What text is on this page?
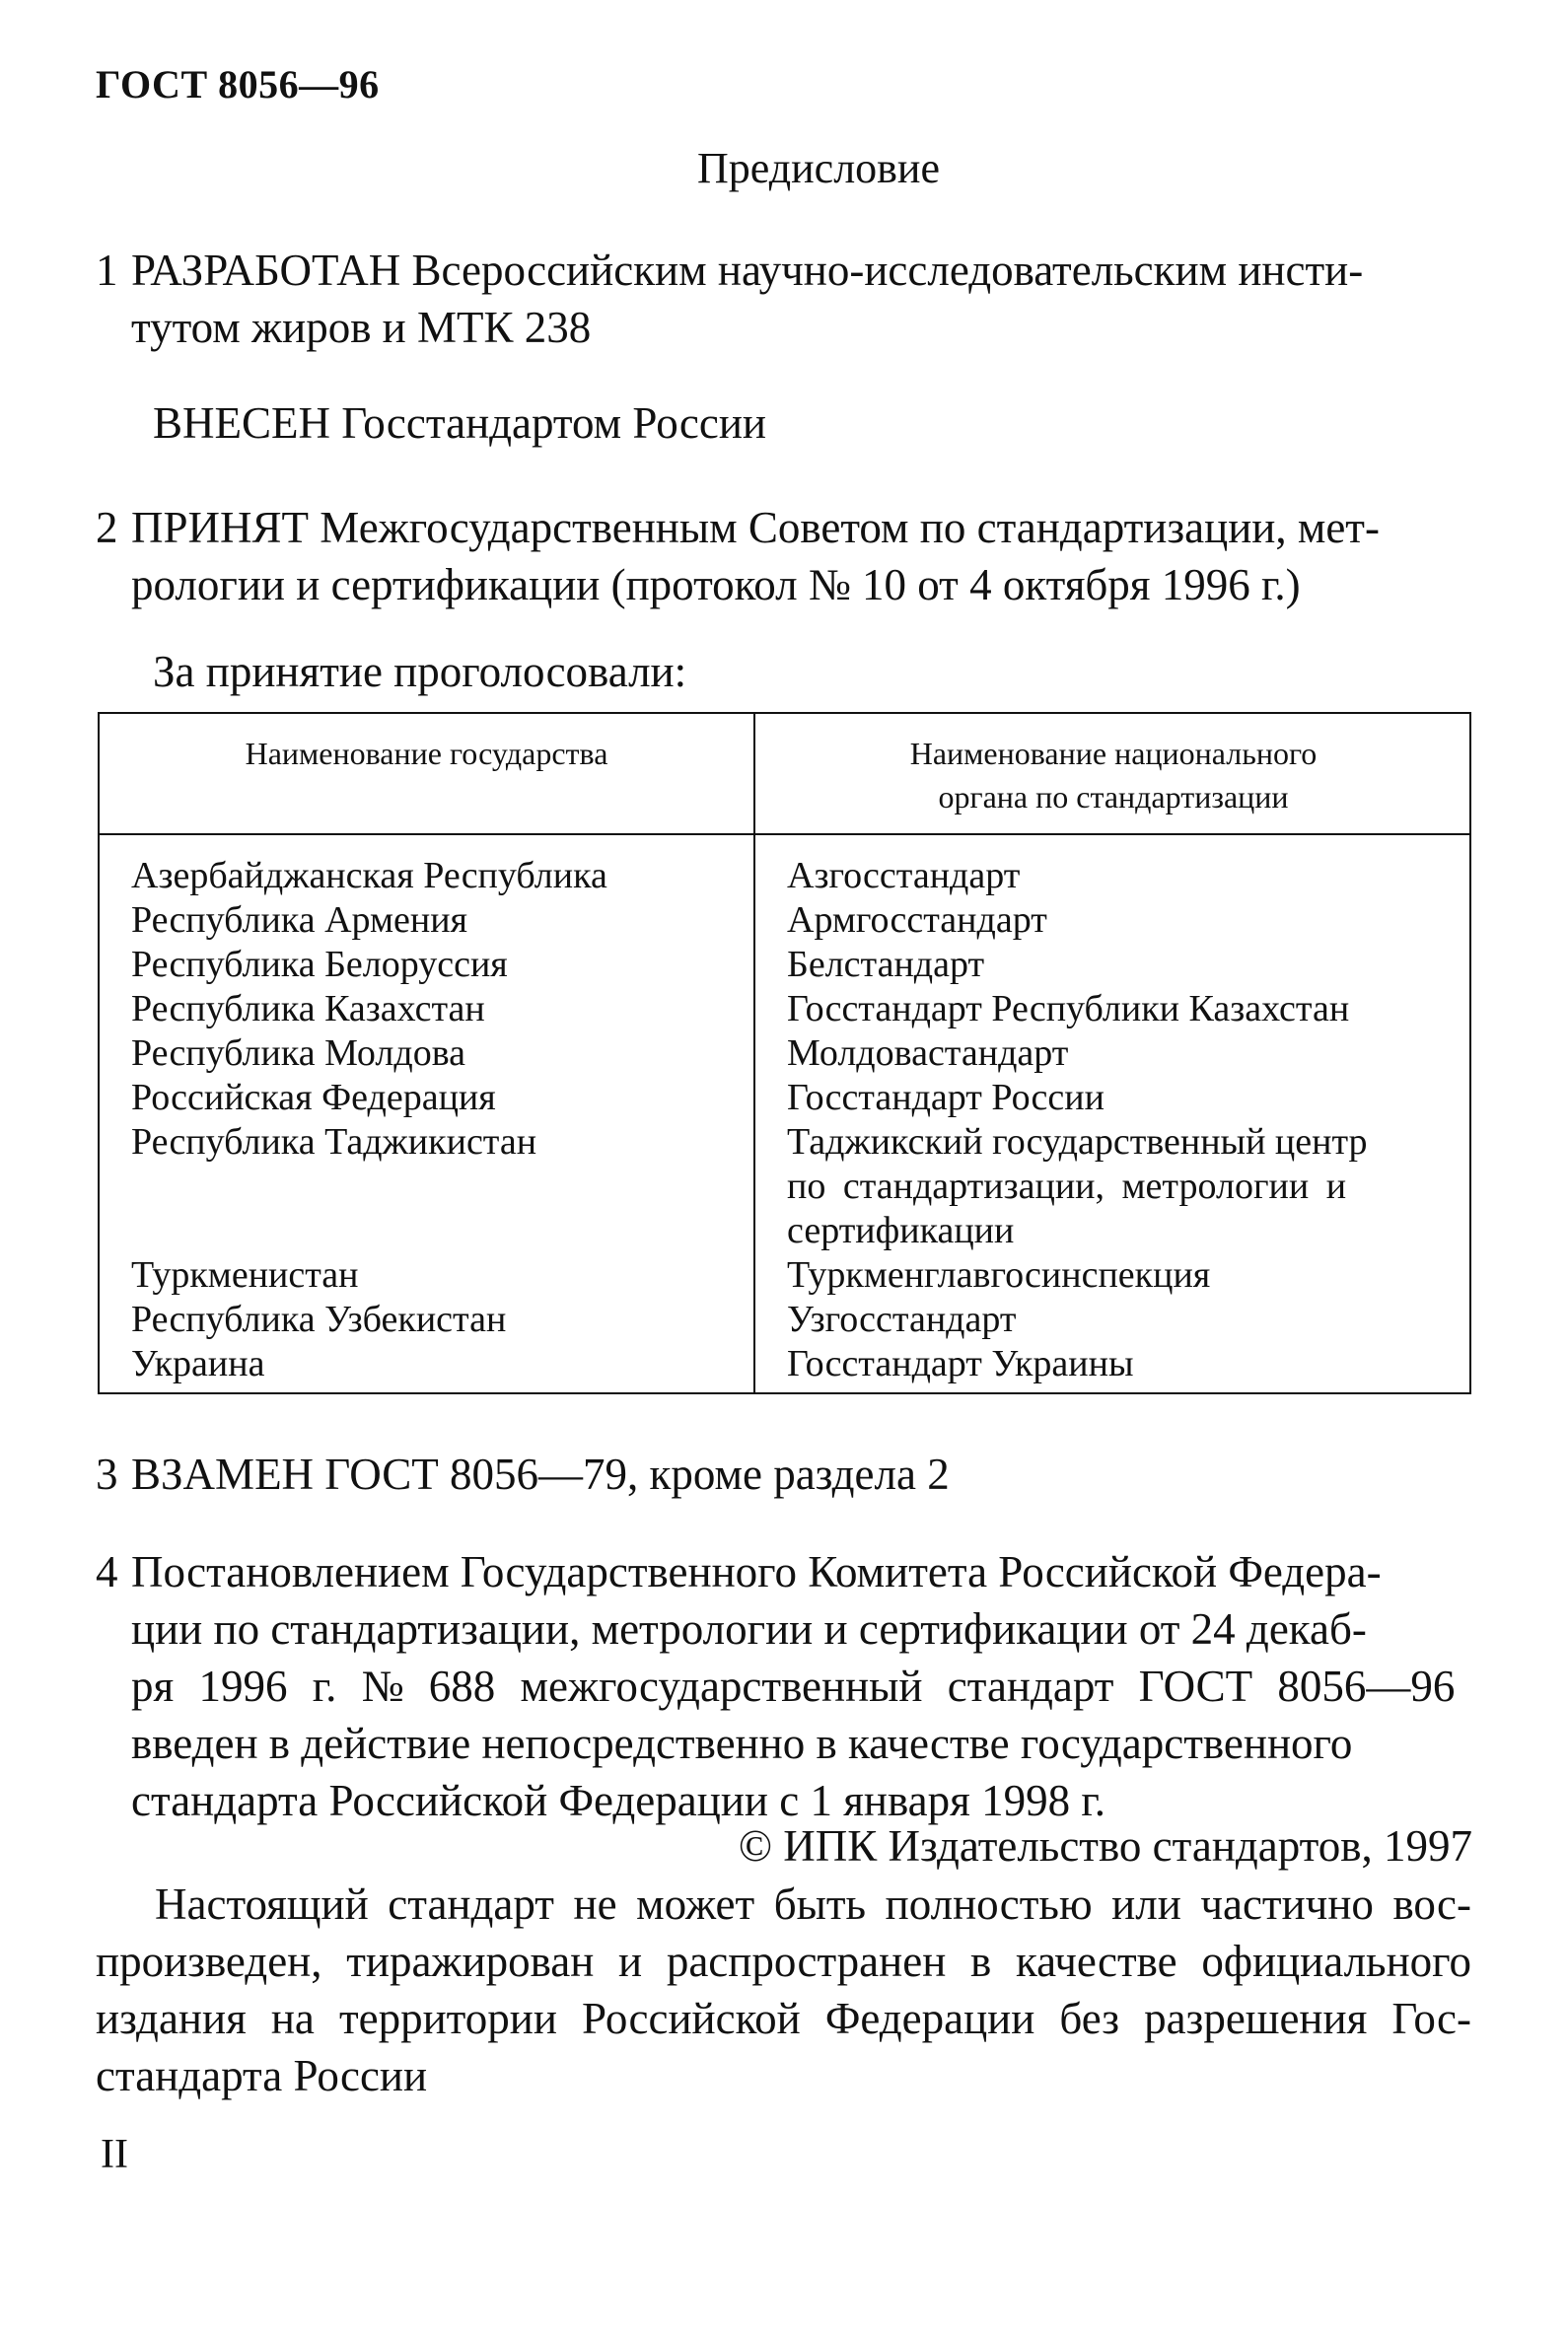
ГОСТ 8056—96
Предисловие
1 РАЗРАБОТАН Всероссийским научно-исследовательским инсти-
тутом жиров и МТК 238
ВНЕСЕН Госстандартом России
2 ПРИНЯТ Межгосударственным Советом по стандартизации, мет-
рологии и сертификации (протокол № 10 от 4 октября 1996 г.)
За принятие проголосовали:
Наименование государства	Наименование национального
органа по стандартизации
Азербайджанская Республика
Республика Армения
Республика Белоруссия
Республика Казахстан
Республика Молдова
Российская Федерация
Республика Таджикистан
Туркменистан
Республика Узбекистан
Украина
Азгосстандарт
Армгосстандарт
Белстандарт
Госстандарт Республики Казахстан
Молдовастандарт
Госстандарт России
Таджикский государственный центр
по стандартизации, метрологии и
сертификации
Туркменглавгосинспекция
Узгосстандарт
Госстандарт Украины
3 ВЗАМЕН ГОСТ 8056—79, кроме раздела 2
4 Постановлением Государственного Комитета Российской Федера-
ции по стандартизации, метрологии и сертификации от 24 декаб-
ря 1996 г. № 688 межгосударственный стандарт ГОСТ 8056—96
введен в действие непосредственно в качестве государственного
стандарта Российской Федерации с 1 января 1998 г.
© ИПК Издательство стандартов, 1997
Настоящий стандарт не может быть полностью или частично вос- произведен, тиражирован и распространен в качестве официального издания на территории Российской Федерации без разрешения Гос- стандарта России
II
